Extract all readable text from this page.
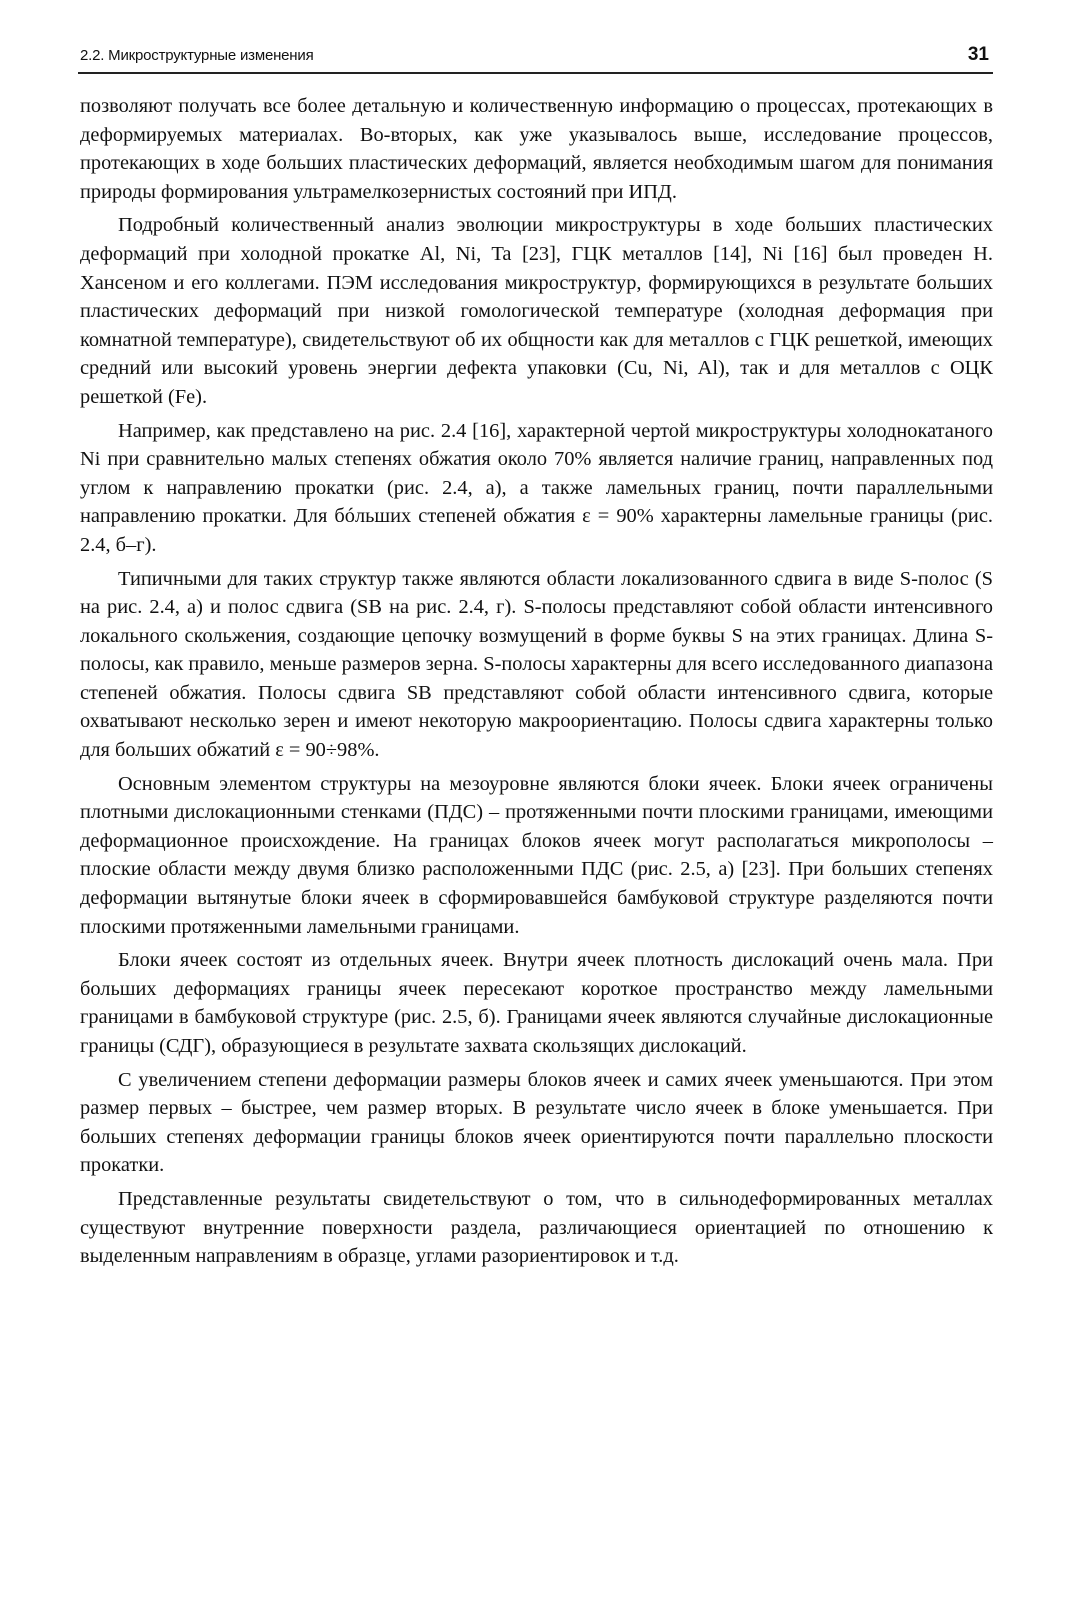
2.2. Микроструктурные изменения	31

позволяют получать все более детальную и количественную информацию о процессах, протекающих в деформируемых материалах. Во-вторых, как уже указывалось выше, исследование процессов, протекающих в ходе больших пластических деформаций, является необходимым шагом для понимания природы формирования ультрамелкозернистых состояний при ИПД.

Подробный количественный анализ эволюции микроструктуры в ходе больших пластических деформаций при холодной прокатке Al, Ni, Ta [23], ГЦК металлов [14], Ni [16] был проведен Н. Хансеном и его коллегами. ПЭМ исследования микроструктур, формирующихся в результате больших пластических деформаций при низкой гомологической температуре (холодная деформация при комнатной температуре), свидетельствуют об их общности как для металлов с ГЦК решеткой, имеющих средний или высокий уровень энергии дефекта упаковки (Cu, Ni, Al), так и для металлов с ОЦК решеткой (Fe).

Например, как представлено на рис. 2.4 [16], характерной чертой микроструктуры холоднокатаного Ni при сравнительно малых степенях обжатия около 70% является наличие границ, направленных под углом к направлению прокатки (рис. 2.4, а), а также ламельных границ, почти параллельными направлению прокатки. Для бóльших степеней обжатия ε = 90% характерны ламельные границы (рис. 2.4, б–г).

Типичными для таких структур также являются области локализованного сдвига в виде S-полос (S на рис. 2.4, а) и полос сдвига (SB на рис. 2.4, г). S-полосы представляют собой области интенсивного локального скольжения, создающие цепочку возмущений в форме буквы S на этих границах. Длина S-полосы, как правило, меньше размеров зерна. S-полосы характерны для всего исследованного диапазона степеней обжатия. Полосы сдвига SB представляют собой области интенсивного сдвига, которые охватывают несколько зерен и имеют некоторую макроориентацию. Полосы сдвига характерны только для больших обжатий ε = 90÷98%.

Основным элементом структуры на мезоуровне являются блоки ячеек. Блоки ячеек ограничены плотными дислокационными стенками (ПДС) – протяженными почти плоскими границами, имеющими деформационное происхождение. На границах блоков ячеек могут располагаться микрополосы – плоские области между двумя близко расположенными ПДС (рис. 2.5, а) [23]. При больших степенях деформации вытянутые блоки ячеек в сформировавшейся бамбуковой структуре разделяются почти плоскими протяженными ламельными границами.

Блоки ячеек состоят из отдельных ячеек. Внутри ячеек плотность дислокаций очень мала. При больших деформациях границы ячеек пересекают короткое пространство между ламельными границами в бамбуковой структуре (рис. 2.5, б). Границами ячеек являются случайные дислокационные границы (СДГ), образующиеся в результате захвата скользящих дислокаций.

С увеличением степени деформации размеры блоков ячеек и самих ячеек уменьшаются. При этом размер первых – быстрее, чем размер вторых. В результате число ячеек в блоке уменьшается. При больших степенях деформации границы блоков ячеек ориентируются почти параллельно плоскости прокатки.

Представленные результаты свидетельствуют о том, что в сильнодеформированных металлах существуют внутренние поверхности раздела, различающиеся ориентацией по отношению к выделенным направлениям в образце, углами разориентировок и т.д.
